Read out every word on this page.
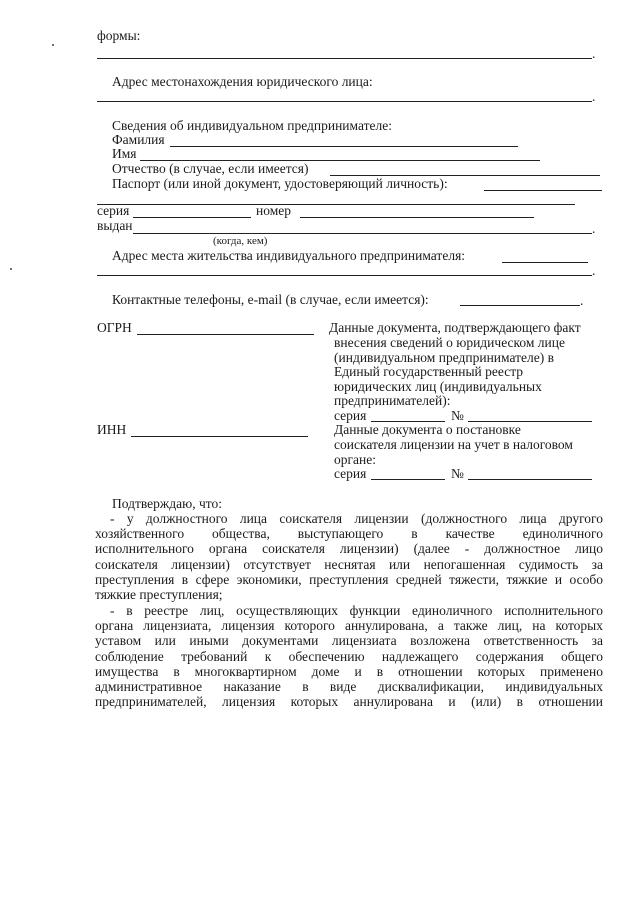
формы:
.
Адрес местонахождения юридического лица:
.
Сведения об индивидуальном предпринимателе:
Фамилия
Имя
Отчество (в случае, если имеется)
Паспорт (или иной документ, удостоверяющий личность):
серия	номер
выдан	.
(когда, кем)
Адрес места жительства индивидуального предпринимателя:
.
Контактные телефоны, e-mail (в случае, если имеется):	.
ОГРН	Данные документа, подтверждающего факт
внесения сведений о юридическом лице
(индивидуальном предпринимателе) в
Единый государственный реестр
юридических лиц (индивидуальных
предпринимателей):
серия	№
ИНН	Данные документа о постановке
соискателя лицензии на учет в налоговом
органе:
серия	№
Подтверждаю, что:

- у должностного лица соискателя лицензии (должностного лица другого

хозяйственного общества, выступающего в качестве единоличного

исполнительного органа соискателя лицензии) (далее - должностное лицо

соискателя лицензии) отсутствует неснятая или непогашенная судимость за

преступления в сфере экономики, преступления средней тяжести, тяжкие и особо

тяжкие преступления;

- в реестре лиц, осуществляющих функции единоличного исполнительного

органа лицензиата, лицензия которого аннулирована, а также лиц, на которых

уставом или иными документами лицензиата возложена ответственность за

соблюдение требований к обеспечению надлежащего содержания общего

имущества в многоквартирном доме и в отношении которых применено

административное наказание в виде дисквалификации, индивидуальных

предпринимателей, лицензия которых аннулирована и (или) в отношении
